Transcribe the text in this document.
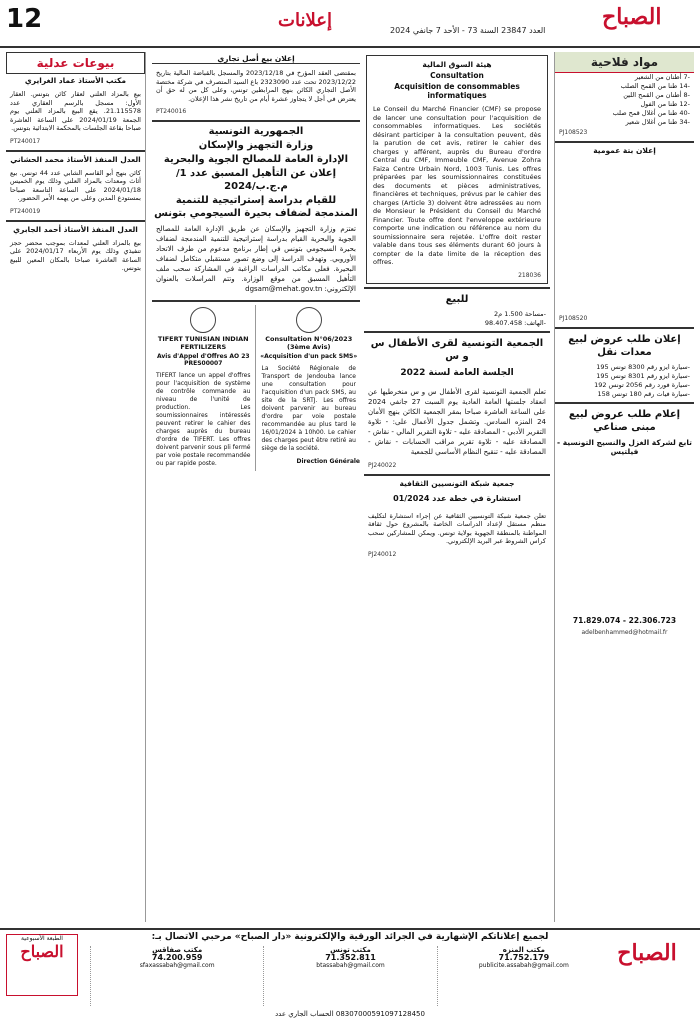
12	إعلانات	العدد 23847 السنة 73 - الأحد 7 جانفي 2024
الصباح
مواد فلاحية
-7 أطنان من الشعير
-14 طنا من القمح الصلب
-8 أطنان من القمح اللين
-12 طنا من الفول
-40 طنا من أغلال قمح صلب
-34 طنا من أغلال شعير
PJ108523
إعلان بتة عمومية
PJ108520
إعلان طلب عروض لبيع معدات نقل
-سيارة ايزو رقم 8300 تونس 195
-سيارة ايزو رقم 8301 تونس 195
-سيارة فورد رقم 2056 تونس 192
-سيارة فيات رقم 180 تونس 158
إعلام طلب عروض لبيع مبنى صناعي
تابع لشركة الغزل والنسيج التونسية - فيلتيس
71.829.074 - 22.306.723
adelbenhammed@hotmail.fr
هيئة السوق المالية
Consultation
Acquisition de consommables informatiques
Le Conseil du Marché Financier (CMF) se propose de lancer une consultation pour l'acquisition de consommables informatiques. Les sociétés désirant participer à la consultation peuvent, dès la parution de cet avis, retirer le cahier des charges y afférent, auprès du Bureau d'ordre Central du CMF, Immeuble CMF, Avenue Zohra Faiza Centre Urbain Nord, 1003 Tunis. Les offres préparées par les soumissionnaires constituées des documents et pièces administratives, financières et techniques, prévus par le cahier des charges (Article 3) doivent être adressées au nom de Monsieur le Président du Conseil du Marché Financier. Toute offre dont l'enveloppe extérieure comporte une indication ou référence au nom du soumissionnaire sera rejetée. L'offre doit rester valable dans tous ses éléments durant 60 jours à compter de la date limite de la réception des offres.
218036
للبيع
-مساحة 1.500 م2
-الهاتف: 98.407.458
الجمعية التونسية لقرى الأطفال س و س
الجلسة العامة لسنة 2022
تعلم الجمعية التونسية لقرى الأطفال س و س منخرطيها عن انعقاد جلستها العامة العادية يوم السبت 27 جانفي 2024 على الساعة العاشرة صباحا بمقر الجمعية الكائن بنهج الأمان 24 المنزه السادس. وتشمل جدول الأعمال على: - تلاوة التقرير الأدبي - المصادقة عليه - تلاوة التقرير المالي - نقاش - المصادقة عليه - تلاوة تقرير مراقب الحسابات - نقاش - المصادقة عليه - تنقيح النظام الأساسي للجمعية
PJ240022
جمعية شبكة التونسيين الثقافية
استشارة في خطة عدد 01/2024
تعلن جمعية شبكة التونسيين الثقافية عن إجراء استشارة لتكليف منظم مستقل لإعداد الدراسات الخاصة بالمشروع حول ثقافة المواطنة بالمنطقة الجهوية بولاية تونس. ويمكن للمشاركين سحب كراس الشروط عبر البريد الإلكتروني.
PJ240012
إعلان بيع أصل تجاري
بمقتضى العقد المؤرخ في 2023/12/18 والمسجل بالقباضة المالية بتاريخ 2023/12/22 تحت عدد 2323090 باع السيد المتصرف في شركة مختصة الأصل التجاري الكائن بنهج المرابطين تونس، وعلى كل من له حق أن يعترض في أجل لا يتجاوز عشرة أيام من تاريخ نشر هذا الإعلان.
PT240016
الجمهورية التونسية
وزارة التجهيز والإسكان
الإدارة العامة للمصالح الجوية والبحرية
إعلان عن التأهيل المسبق عدد 1/ م.ج.ب/2024
للقيام بدراسة إستراتيجية للتنمية المندمجة لضفاف بحيرة السيجومي بتونس
تعتزم وزارة التجهيز والإسكان عن طريق الإدارة العامة للمصالح الجوية والبحرية القيام بدراسة إستراتيجية للتنمية المندمجة لضفاف بحيرة السيجومي بتونس في إطار برنامج مدعوم من طرف الاتحاد الأوروبي. وتهدف الدراسة إلى وضع تصور مستقبلي متكامل لضفاف البحيرة. فعلى مكاتب الدراسات الراغبة في المشاركة سحب ملف التأهيل المسبق من موقع الوزارة. وتتم المراسلات بالعنوان الإلكتروني: dgsam@mehat.gov.tn
TIFERT TUNISIAN INDIAN FERTILIZERS
Avis d'Appel d'Offres AO 23 PRES00007
TIFERT lance un appel d'offres pour l'acquisition de système de contrôle commande au niveau de l'unité de production. Les soumissionnaires intéressés peuvent retirer le cahier des charges auprès du bureau d'ordre de TIFERT. Les offres doivent parvenir sous pli fermé par voie postale recommandée ou par rapide poste.
Consultation N°06/2023 (3ème Avis)
«Acquisition d'un pack SMS»
La Société Régionale de Transport de Jendouba lance une consultation pour l'acquisition d'un pack SMS, au site de la SRTJ. Les offres doivent parvenir au bureau d'ordre par voie postale recommandée au plus tard le 16/01/2024 à 10h00. Le cahier des charges peut être retiré au siège de la société.
Direction Générale
بيوعات عدلية
مكتب الأستاذ عماد الغرايري
بيع بالمزاد العلني لعقار كائن بتونس. العقار الأول: مسجل بالرسم العقاري عدد 21.115578. يقع البيع بالمزاد العلني يوم الجمعة 2024/01/19 على الساعة العاشرة صباحا بقاعة الجلسات بالمحكمة الابتدائية بتونس.
PT240017
العدل المنفذ الأستاذ محمد الحشاني
كائن بنهج أبو القاسم الشابي عدد 44 تونس. بيع أثاث ومعدات بالمزاد العلني وذلك يوم الخميس 2024/01/18 على الساعة التاسعة صباحا بمستودع المدين وعلى من يهمه الأمر الحضور.
PT240019
العدل المنفذ الأستاذ أحمد الجابري
بيع بالمزاد العلني لمعدات بموجب محضر حجز تنفيذي وذلك يوم الأربعاء 2024/01/17 على الساعة العاشرة صباحا بالمكان المعين للبيع بتونس.
الطبعة الأسبوعية
الصباح
لجميع إعلاناتكم الإشهارية في الجرائد الورقية والإلكترونية «دار الصباح» مرحبي الاتصال بـ:
مكتب المنزه
71.752.179
publicite.assabah@gmail.com
مكتب تونس
71.352.811
btassabah@gmail.com
مكتب صفاقس
74.200.959
sfaxassabah@gmail.com
08307000591097128450 الحساب الجاري عدد
الصباح
